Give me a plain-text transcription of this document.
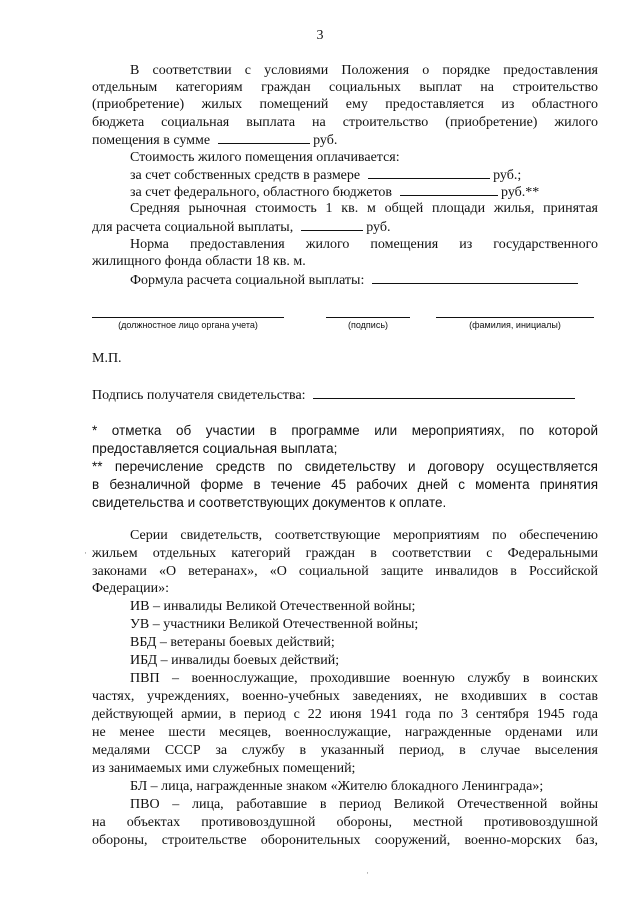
3
В соответствии с условиями Положения о порядке предоставления
отдельным категориям граждан социальных выплат на строительство
(приобретение) жилых помещений ему предоставляется из областного
бюджета социальная выплата на строительство (приобретение) жилого
помещения в сумме	руб.
Стоимость жилого помещения оплачивается:
за счет собственных средств в размере	руб.;
за счет федерального, областного бюджетов	руб.**
Средняя рыночная стоимость 1 кв. м общей площади жилья, принятая
для расчета социальной выплаты,	руб.
Норма предоставления жилого помещения из государственного
жилищного фонда области 18 кв. м.
Формула расчета социальной выплаты:
(должностное лицо органа учета)	(подпись)	(фамилия, инициалы)
М.П.
Подпись получателя свидетельства:
* отметка об участии в программе или мероприятиях, по которой
предоставляется социальная выплата;
** перечисление средств по свидетельству и договору осуществляется
в безналичной форме в течение 45 рабочих дней с момента принятия
свидетельства и соответствующих документов к оплате.
Серии свидетельств, соответствующие мероприятиям по обеспечению
жильем отдельных категорий граждан в соответствии с Федеральными
законами «О ветеранах», «О социальной защите инвалидов в Российской
Федерации»:
ИВ – инвалиды Великой Отечественной войны;
УВ – участники Великой Отечественной войны;
ВБД – ветераны боевых действий;
ИБД – инвалиды боевых действий;
ПВП – военнослужащие, проходившие военную службу в воинских
частях, учреждениях, военно-учебных заведениях, не входивших в состав
действующей армии, в период с 22 июня 1941 года по 3 сентября 1945 года
не менее шести месяцев, военнослужащие, награжденные орденами или
медалями СССР за службу в указанный период, в случае выселения
из занимаемых ими служебных помещений;
БЛ – лица, награжденные знаком «Жителю блокадного Ленинграда»;
ПВО – лица, работавшие в период Великой Отечественной войны
на объектах противовоздушной обороны, местной противовоздушной
обороны, строительстве оборонительных сооружений, военно-морских баз,
·
·
